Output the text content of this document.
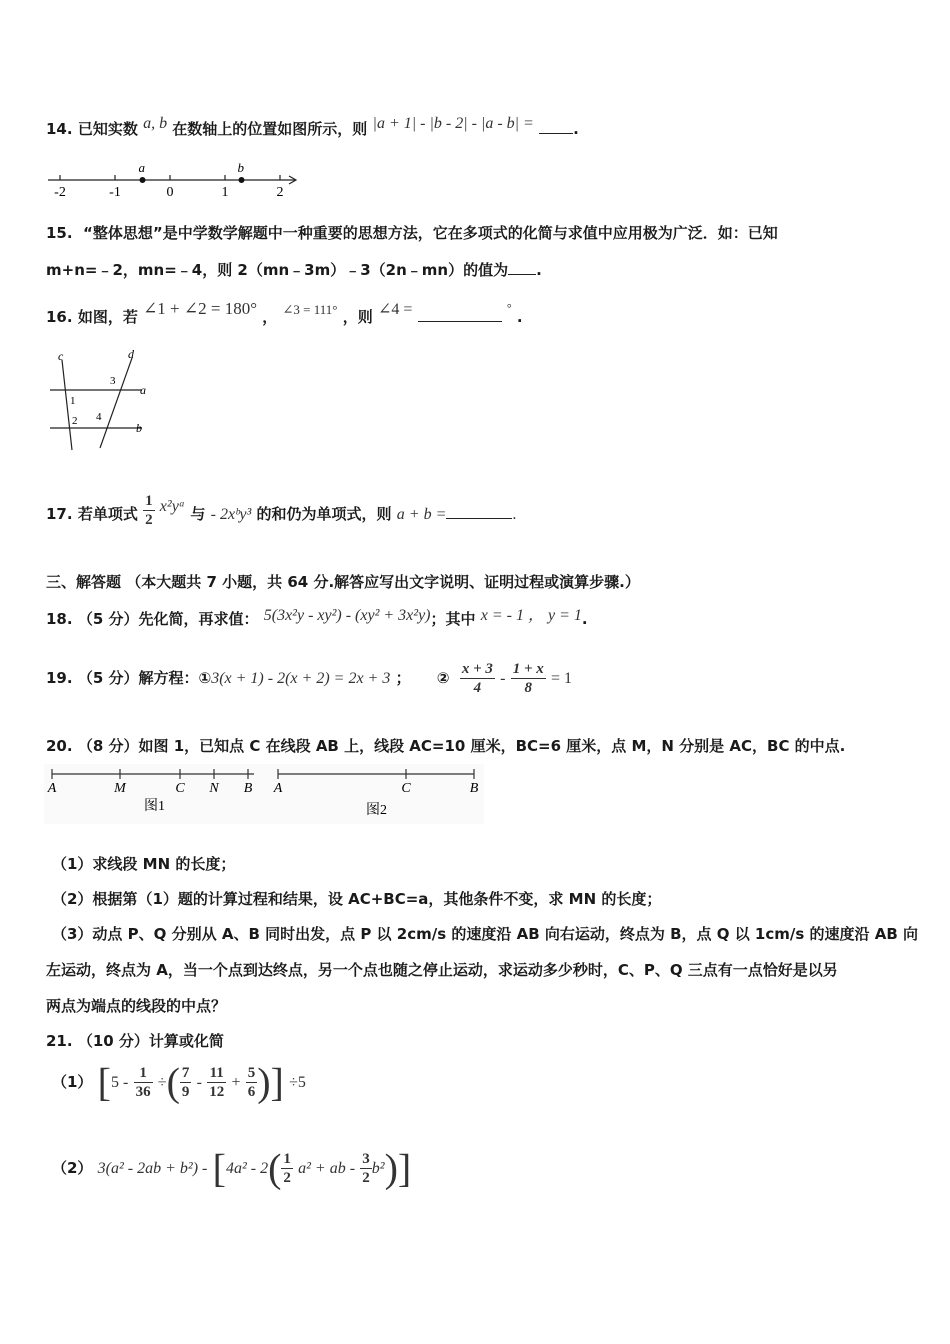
14. 已知实数 a, b 在数轴上的位置如图所示，则 |a + 1| - |b - 2| - |a - b| =	.
-2	-1	0	1	2
a	b
15. “整体思想”是中学数学解题中一种重要的思想方法，它在多项式的化简与求值中应用极为广泛．如：已知
m+n=﹣2，mn=﹣4，则 2（mn﹣3m）﹣3（2n﹣mn）的值为 .
16. 如图，若 ∠1 + ∠2 = 180° ， ∠3 = 111° ，则 ∠4 =	° .
c	d
a
b
1
2
3
4
17. 若单项式 $\frac{1}{2}$ x²yᵃ 与 - 2xᵇy³ 的和仍为单项式，则 a + b =	.
三、解答题 （本大题共 7 小题，共 64 分.解答应写出文字说明、证明过程或演算步骤.）
18. （5 分）先化简，再求值： 5(3x²y - xy²) - (xy² + 3x²y)；其中 x = - 1 ， y = 1.
19. （5 分）解方程：①3(x + 1) - 2(x + 2) = 2x + 3 ； ② $\frac{x + 3}{4} - \frac{1 + x}{8} = 1$
20. （8 分）如图 1，已知点 C 在线段 AB 上，线段 AC=10 厘米，BC=6 厘米，点 M，N 分别是 AC，BC 的中点.
A	M	C N B
图1
A	C	B
图2
（1）求线段 MN 的长度；
（2）根据第（1）题的计算过程和结果，设 AC+BC=a，其他条件不变，求 MN 的长度；
（3）动点 P、Q 分别从 A、B 同时出发，点 P 以 2cm/s 的速度沿 AB 向右运动，终点为 B，点 Q 以 1cm/s 的速度沿 AB 向
左运动，终点为 A，当一个点到达终点，另一个点也随之停止运动，求运动多少秒时，C、P、Q 三点有一点恰好是以另
两点为端点的线段的中点？
21. （10 分）计算或化简
（1） [$5 - \frac{1}{36}$ ÷( $\frac{7}{9} - \frac{11}{12} + \frac{5}{6}$ )] ÷5
（2） $3(a^2 - 2ab + b^2) - [4a^2 - 2( \frac{1}{2} a^2$ + ab - $\frac{3}{2} b^2$)]
